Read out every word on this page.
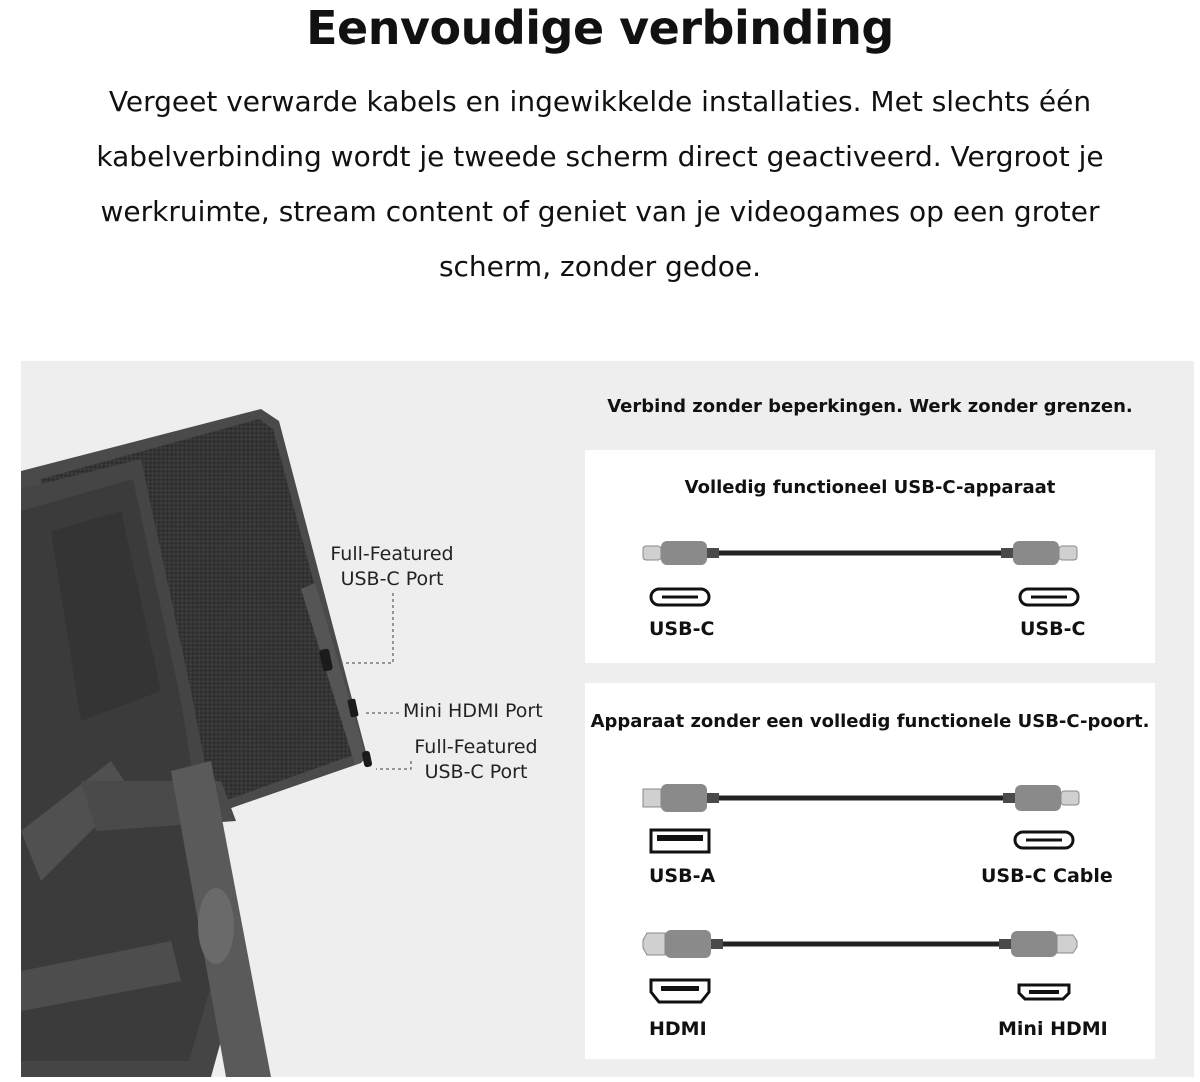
Eenvoudige verbinding
Vergeet verwarde kabels en ingewikkelde installaties. Met slechts één
kabelverbinding wordt je tweede scherm direct geactiveerd. Vergroot je
werkruimte, stream content of geniet van je videogames op een groter
scherm, zonder gedoe.
Full-Featured
USB-C Port
Mini HDMI Port
Full-Featured
USB-C Port
Verbind zonder beperkingen. Werk zonder grenzen.
Volledig functioneel USB-C-apparaat
USB-C	USB-C
Apparaat zonder een volledig functionele USB-C-poort.
USB-A	USB-C Cable
HDMI	Mini HDMI
